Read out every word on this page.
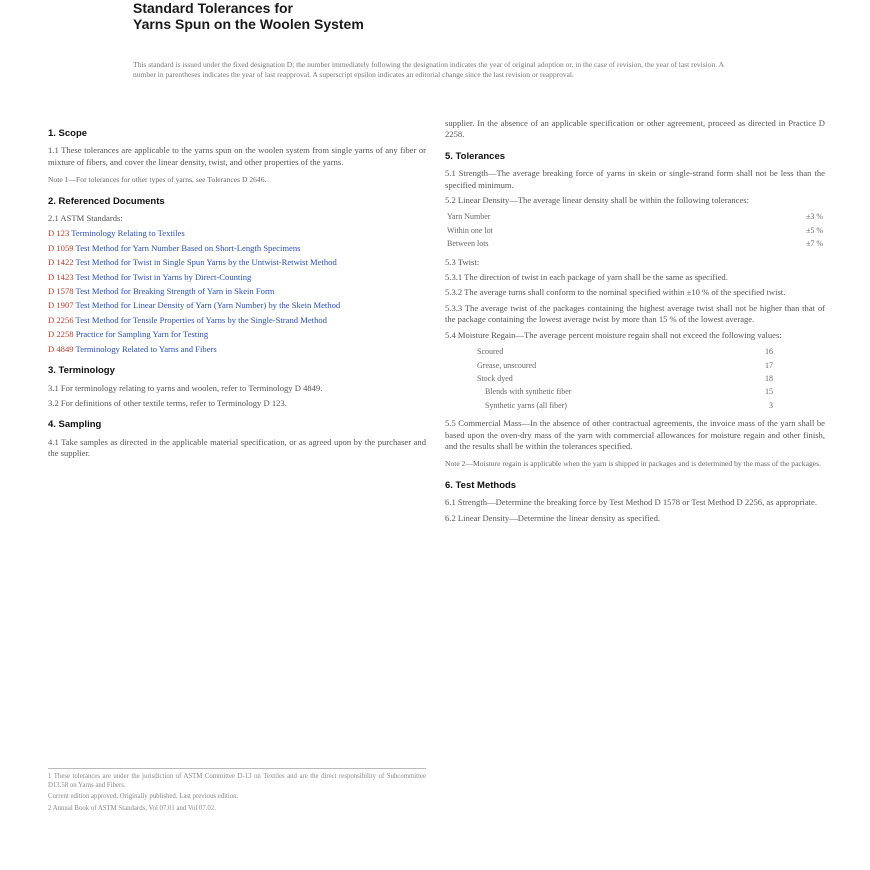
Standard Tolerances for
Yarns Spun on the Woolen System
This standard is issued under the fixed designation D; the number immediately following the designation indicates the year of original adoption or, in the case of revision, the year of last revision. A number in parentheses indicates the year of last reapproval. A superscript epsilon indicates an editorial change since the last revision or reapproval.
1. Scope
1.1 These tolerances are applicable to the yarns spun on the woolen system from single yarns of any fiber or mixture of fibers, and cover the linear density, twist, and other properties of the yarns.
Note 1—For tolerances for other types of yarns, see Tolerances D 2646.
2. Referenced Documents
2.1 ASTM Standards:
D 123 Terminology Relating to Textiles
D 1059 Test Method for Yarn Number Based on Short-Length Specimens
D 1422 Test Method for Twist in Single Spun Yarns by the Untwist-Retwist Method
D 1423 Test Method for Twist in Yarns by Direct-Counting
D 1578 Test Method for Breaking Strength of Yarn in Skein Form
D 1907 Test Method for Linear Density of Yarn (Yarn Number) by the Skein Method
D 2256 Test Method for Tensile Properties of Yarns by the Single-Strand Method
D 2258 Practice for Sampling Yarn for Testing
D 4849 Terminology Related to Yarns and Fibers
3. Terminology
3.1 For terminology relating to yarns and woolen, refer to Terminology D 4849.
3.2 For definitions of other textile terms, refer to Terminology D 123.
4. Sampling
4.1 Take samples as directed in the applicable material specification, or as agreed upon by the purchaser and the supplier.
1 These tolerances are under the jurisdiction of ASTM Committee D-13 on Textiles and are the direct responsibility of Subcommittee D13.58 on Yarns and Fibers.
Current edition approved. Originally published. Last previous edition.
2 Annual Book of ASTM Standards, Vol 07.01 and Vol 07.02.
supplier. In the absence of an applicable specification or other agreement, proceed as directed in Practice D 2258.
5. Tolerances
5.1 Strength—The average breaking force of yarns in skein or single-strand form shall not be less than the specified minimum.
5.2 Linear Density—The average linear density shall be within the following tolerances:
Yarn Number	±3 %
Within one lot	±5 %
Between lots	±7 %
5.3 Twist:
5.3.1 The direction of twist in each package of yarn shall be the same as specified.
5.3.2 The average turns shall conform to the nominal specified within ±10 % of the specified twist.
5.3.3 The average twist of the packages containing the highest average twist shall not be higher than that of the package containing the lowest average twist by more than 15 % of the lowest average.
5.4 Moisture Regain—The average percent moisture regain shall not exceed the following values:
Scoured	16
Grease, unscoured	17
Stock dyed	18
Blends with synthetic fiber	15
Synthetic yarns (all fiber)	3
5.5 Commercial Mass—In the absence of other contractual agreements, the invoice mass of the yarn shall be based upon the oven-dry mass of the yarn with commercial allowances for moisture regain and other finish, and the results shall be within the tolerances specified.
Note 2—Moisture regain is applicable when the yarn is shipped in packages and is determined by the mass of the packages.
6. Test Methods
6.1 Strength—Determine the breaking force by Test Method D 1578 or Test Method D 2256, as appropriate.
6.2 Linear Density—Determine the linear density as specified.
